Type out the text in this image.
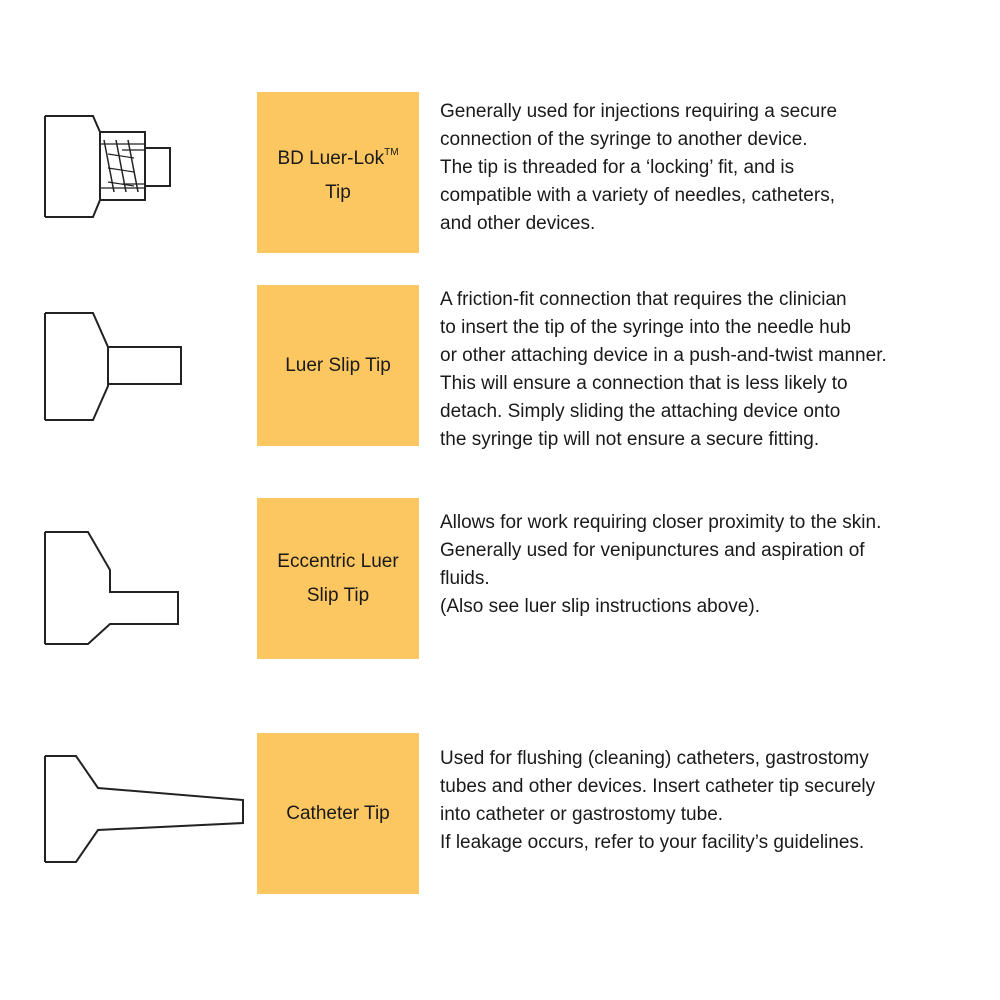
BD Luer-Lok™
Tip
Generally used for injections requiring a secure
connection of the syringe to another device.
The tip is threaded for a ‘locking’ fit, and is
compatible with a variety of needles, catheters,
and other devices.
Luer Slip Tip
A friction-fit connection that requires the clinician
to insert the tip of the syringe into the needle hub
or other attaching device in a push-and-twist manner.
This will ensure a connection that is less likely to
detach. Simply sliding the attaching device onto
the syringe tip will not ensure a secure fitting.
Eccentric Luer
Slip Tip
Allows for work requiring closer proximity to the skin.
Generally used for venipunctures and aspiration of
fluids.
(Also see luer slip instructions above).
Catheter Tip
Used for flushing (cleaning) catheters, gastrostomy
tubes and other devices. Insert catheter tip securely
into catheter or gastrostomy tube.
If leakage occurs, refer to your facility’s guidelines.
